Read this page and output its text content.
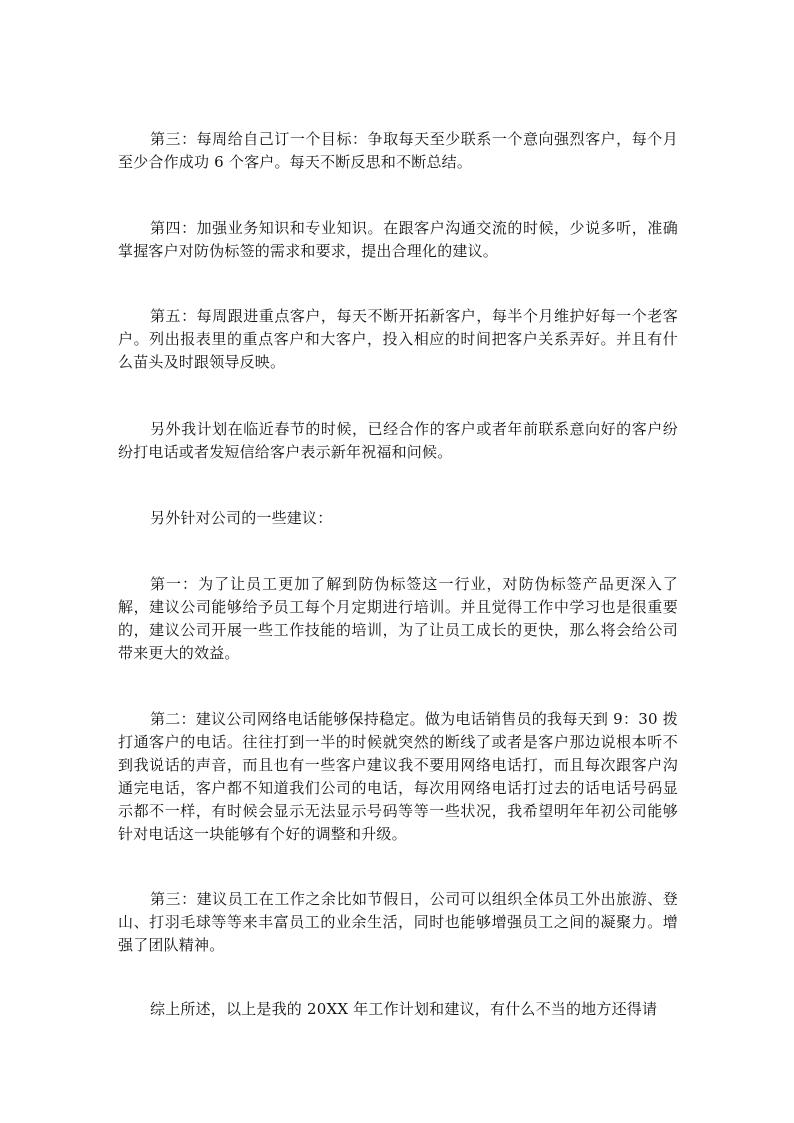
第三：每周给自己订一个目标：争取每天至少联系一个意向强烈客户，每个月至少合作成功 6 个客户。每天不断反思和不断总结。

第四：加强业务知识和专业知识。在跟客户沟通交流的时候，少说多听，准确掌握客户对防伪标签的需求和要求，提出合理化的建议。

第五：每周跟进重点客户，每天不断开拓新客户，每半个月维护好每一个老客户。列出报表里的重点客户和大客户，投入相应的时间把客户关系弄好。并且有什么苗头及时跟领导反映。

另外我计划在临近春节的时候，已经合作的客户或者年前联系意向好的客户纷纷打电话或者发短信给客户表示新年祝福和问候。

另外针对公司的一些建议：

第一：为了让员工更加了解到防伪标签这一行业，对防伪标签产品更深入了解，建议公司能够给予员工每个月定期进行培训。并且觉得工作中学习也是很重要的，建议公司开展一些工作技能的培训，为了让员工成长的更快，那么将会给公司带来更大的效益。

第二：建议公司网络电话能够保持稳定。做为电话销售员的我每天到 9：30 拨打通客户的电话。往往打到一半的时候就突然的断线了或者是客户那边说根本听不到我说话的声音，而且也有一些客户建议我不要用网络电话打，而且每次跟客户沟通完电话，客户都不知道我们公司的电话，每次用网络电话打过去的话电话号码显示都不一样，有时候会显示无法显示号码等等一些状况，我希望明年年初公司能够针对电话这一块能够有个好的调整和升级。

第三：建议员工在工作之余比如节假日，公司可以组织全体员工外出旅游、登山、打羽毛球等等来丰富员工的业余生活，同时也能够增强员工之间的凝聚力。增强了团队精神。

综上所述，以上是我的 20XX 年工作计划和建议，有什么不当的地方还得请
